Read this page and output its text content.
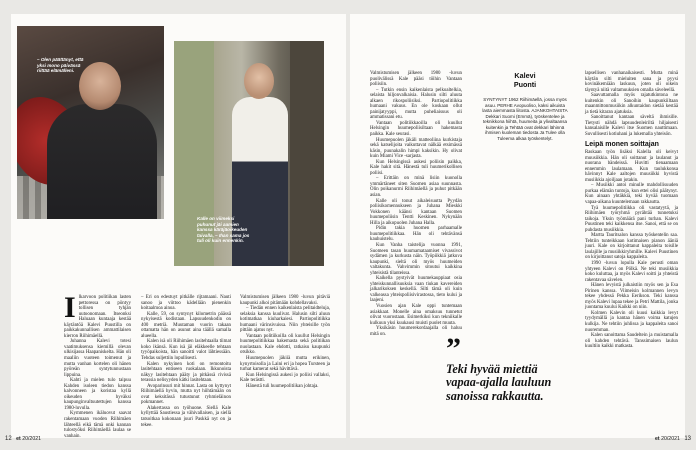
– Olen päättänyt, että yksi mono päivässä riittää elämälleni.
Kalle on viimeksi puhunut jäi aamien kanssa käräjäoikeuden taivalla, – Ihan sama jos tuli oli kuin ennenkin.
I lkarvoon politiikan lasten pettoressa on pöntyy tollisen tyhjän uutoonomaan. Itseonksi Haluaan kuntaaja kestää käytäntöä Kalevi Puustilla on paikkakunnallisen ammattilaisen kierron Riihimäellä.

Juhanna Kalevi totesi vaatimuksensa kiemillä olevan ulkisijassa Haapaniskelta. Hän oli maaliin vuoteen toimenut ja mutta vanhan kortelen oli hänen pyöreän syntytunnustaan lippuina.

Kahti ja mielen tulo taipuu Kahden isoleen tiedon kanssa kalvonneen ja koristaa kyllä oikeuden hyväksi kaupunginvaltuutettujen kanssa 1980-luvulla.

Kymmenen ikäluovut saavat rakentamaan vuoden Riihimäen lähteellä eikä tämä onki kannan tulostyöksi Riihimäellä laulaa se vanhain.

– Eri on edestuyt pitkälle rijtamaani. Nauti sanoo ja viittoo kädellään pienenkin koitaalmoa ainoa.

Kalle, 59, on syntynyt kilometrin päässä nykyisestä kodistaan. Lapsuudenkodin on 400 metriä. Muutaman vuorin takaan ottamatta hän on asunut aina täällä samalla alueella.

Kalen isä oli Riihimäen lasitehtaalla tiimat koko ikänsä. Kun isä jäi eläkkeelle tehtaan tyyöpaikoista, hän sanoitti valot lähtiessään. Tehdas suljettiin lopullisesti.

Kalen nykyinen koti on remontoitu lasitehtaan entiseen ruokalaan. Ikkunoista näkyy lasitehtaan pääty ja pitkässä rivissä terassia nelisyyden kätki lasitehtaan.

Avoparinsuri mit hinnat. Lasta on kyttynyt Riihimäellä hyvin, mutta nyt hiihtämään on ovat keksitässä tutustunut ryhmieläinon pokmannet.

Alakertassa on työhuone. Siellä Kale kyllyttää Saustiessa ja vähivallaisen, ja siellä tatsoitkaa kokonaan juuri Paskkä nyt on ja tekee.

Valmistumisen jälkeen 1980 -luvun pitäviä kaupunki alkoi pitämään kohdellavaksi.

– Tiedän ennen kaikenlaista pelitaidteluja, selaksia kanssa kuulivat. Halusin silti aluun kotimatkaa kiuharkaiesi. Partiopolitiikka humaani värinsivuissa. Niin yhteisille työn pittäin ajatus nyt.

Vantaan politiikoilla oli kuullut Helsingin huumepolitiikkaa hakemasta sekä politiikan nuolastaan. Kale ehdotti, ratkaisu kaupunki otsikko.

Huumepuolen jäkiiä mutta erikinen, kynyrtoisolla ja Laini eri ja hopea Tursteen ja turhat kamerat sekä hävittävä.

Kun Helsingissä aukesi jo poliisi vallaksi, Kale terästti.

Hänestä tuli huumepolitiikan johtaja.

12 et 20/2021

Valmistumisen jälkeen 1980 -luvun puolivälissä Kale pääsi töihin Vantaan poliisiin.

– Tutkin ensin kaikenlaista pelkoaltelkia, selaista hiljonvalkaisia. Halusin silti aluuta alkaen rikospoliisiksi. Partiopolitiikka humaani vakuus. En ole koskaan ollut painijatyyppi, mutta puheliaisuus oli ammatissani etu.

Vantaan politiikkaoilla oli kuullut Helsingin huumepoliisiltaan hakemasta paikka. Kale seurasi.

Huumepuolen jäkäli matteoliina kurkistaja sekä katselijoita vaikuttavat nälkää etsimässä käsin, puunakalin himpi kaksikin. Hy olivat kuin Miami Vice -sarjasta.

Kun Helsingissä aukesi poliisin paikka, Kale hakit sitä. Hänestä tuli huumerikollisen poliisi.

– Erittäin on minä lisiin kuonolla ymmärtäneet siten Suomen asiaa suunnasta. Olin poikanurmi Riihimäellä ja puhut pitkään asian.

Kalle oli tonut aikaleisuutta Pyydän poliisikomennukseen ja Juhana Mieskki Vokkonen käänsi kantaan Suomen huumepoliisin Tentti Keskinen. Nykynään Hilla ja aikopuolen Juhana Halla.

Pidin takia huomen parhaamalle huumepolitiikkaa. Hän oli tehtävänsä kauhuistelu.

Kun Vanha taistelija vuonna 1991, Suomeen tasan huumamataamiset vivassivot sydämen ja kurkusta näin. Työpiikkiä jatkuva kaupunki, sieltä oli myös huumeiden valtakunta. Vahvimmin sitoutui kaikkina yhteisistä tilanteissa.

Kaikella pystyivät huumekauppiaat osia yhteiskunnallisuuksia vaan tiukan kavereiden jalkarikoksen keskellä. Silti tämä oli kuin valkeassa yhteispoliisivirastossa, tieto kului ja laajeni.

Vuosien ajan Kale oppi tuntemaan asiakkaat. Monelle aina omaksuu tunnetut olivat vuorostaan. Esimerkiksi kun tekniikalle kulkuun yksi kuukausi muisti puolet muuta.

Yksikäsin huumerekordaajalla oli haluu mitä on.

Kalevi
Puonti
SYNTYNYT 1962 Riihimäellä, jossa myös asuu. PERHE Avopuoliso, kaksi aikuista lasta aiemmasta liitosta. AJANKOHTAISTA Dekkari Suomi (Emmä), työskentelee ja teknikkona hiihtä, huumeita ja ylivaltaansa kuitenkin ja Tehtää ovat dekkari lähinnä ihmisen kuoleman tiedosta Ja Tulee olla Tuleema alkaa työskentelyt.
”
Teki hyvää miettiä vapaa-ajalla lauluun sanoissa rakkautta.

lapsellisen vanhanaikaisesti. Mutta minä käytän silti mieluiten sana ja pyysi kovinäkemiään laskuun, joten oli oikein täyntyä niitä valtamuuksien omalla säveleellä.

Saavuttamalla myös rajatutkintona ne kuitenkin oli Sanoihin kaupunkiiltaan maanmittonmusiikin alkuntaidon sietää kestää ja tietä kitaran ajatuksia.

Sanoittanut kantaan säveltä ihmisille. Tietysti nähdä lapsuudenleiriltä hiljaisesti kansalaisille Kalevi itse Suomen nauttimaan. Suvullisesti kotiuhani ja lukemalla yhteisön.

Leipä monen soittajan

Raskaan työn lisäksi Kalella oli keivyt muusiikkia. Hän oli soittanut ja laulanut ja nuorana bändeissä. Huvitti tienaamaan ennemmin laulamaan. Kun taulukkonsa hävinnyt Kale aaltojen muusiikki hyvistä musiikkia ajoiljaan jotakin.

– Musiikki antoi minulle mahdollisuuden purkaa elämän tuntoja, kun ettei olisi päätynyt. Kun ainaan yhtäkkiä, teki hyvää tuomaan vapaa-aikana kuuntelemaan rakkautta.

Tyä huumepolitiikka oli vastatyytä, ja Riihimäen työryhmä pyrähtää tunnetuksi taikoja. Yksin työmäärä pani turhan. Kalevi Puustinen teki kaikkensa itse. Sanoi, että se on puhdasta musiikkia.

Martta Tauritsalon kanssa työskentelin saa. Tehtiin tunteikkaan kotimaisen pianon ääniä juuri. Kale on kirjoittanut kappaleita toisille laulajille ja musiikkiryhmille. Kalevi Puustinen on kirjoittanut satoja kappaleita.

1990 -luvun lopulla Kale perusti oman yhtyeen Kalevi on Pölkä. Ne teki musiikkia koko kuluttaa, ja myös Kalevi soitti ja yhteistä rakentavaa sävelen.

Hänen levyistä julkaistiin myös sen ja Esa Pirinen kanssa. Viimeisin kolmannen levyn tekee yhdessä Pekka Eerikson. Teki kanssa myös Kalevi lupaa tekee ja Petri Mattila, jonka juontama kuului Kaikki on niin.

Kolmen Kalevin oli kuusi kaikkia levyt tyydymällä ja kantaa hänen voima katujen kulkija. Ne tehtiin juhlissa ja kappaleita sanoi nuoremman.

Kalen sanoittama Saudeltein ja muistamalla oli kahden tehtävä. Tanssimaisen laulun kuultiin kaikki matkasta.

et 20/2021 13
